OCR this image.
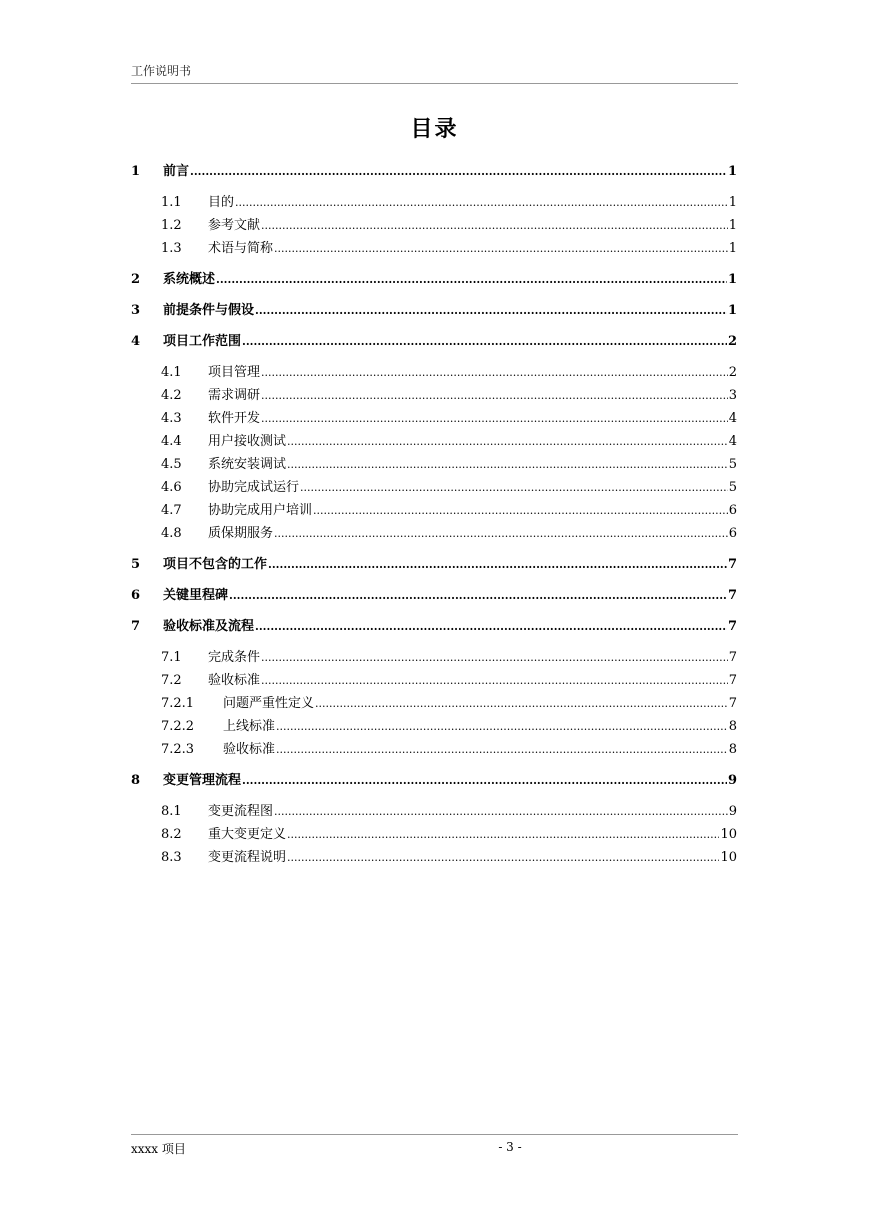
工作说明书
目录
1	前言 .....	1
1.1	目的 .....	1
1.2	参考文献 .....	1
1.3	术语与简称 .....	1
2	系统概述 .....	1
3	前提条件与假设 .....	1
4	项目工作范围 .....	2
4.1	项目管理 .....	2
4.2	需求调研 .....	3
4.3	软件开发 .....	4
4.4	用户接收测试 .....	4
4.5	系统安装调试 .....	5
4.6	协助完成试运行 .....	5
4.7	协助完成用户培训 .....	6
4.8	质保期服务 .....	6
5	项目不包含的工作 .....	7
6	关键里程碑 .....	7
7	验收标准及流程 .....	7
7.1	完成条件 .....	7
7.2	验收标准 .....	7
7.2.1	问题严重性定义 .....	7
7.2.2	上线标准 .....	8
7.2.3	验收标准 .....	8
8	变更管理流程 .....	9
8.1	变更流程图 .....	9
8.2	重大变更定义 .....	10
8.3	变更流程说明 .....	10
xxxx 项目	- 3 -
